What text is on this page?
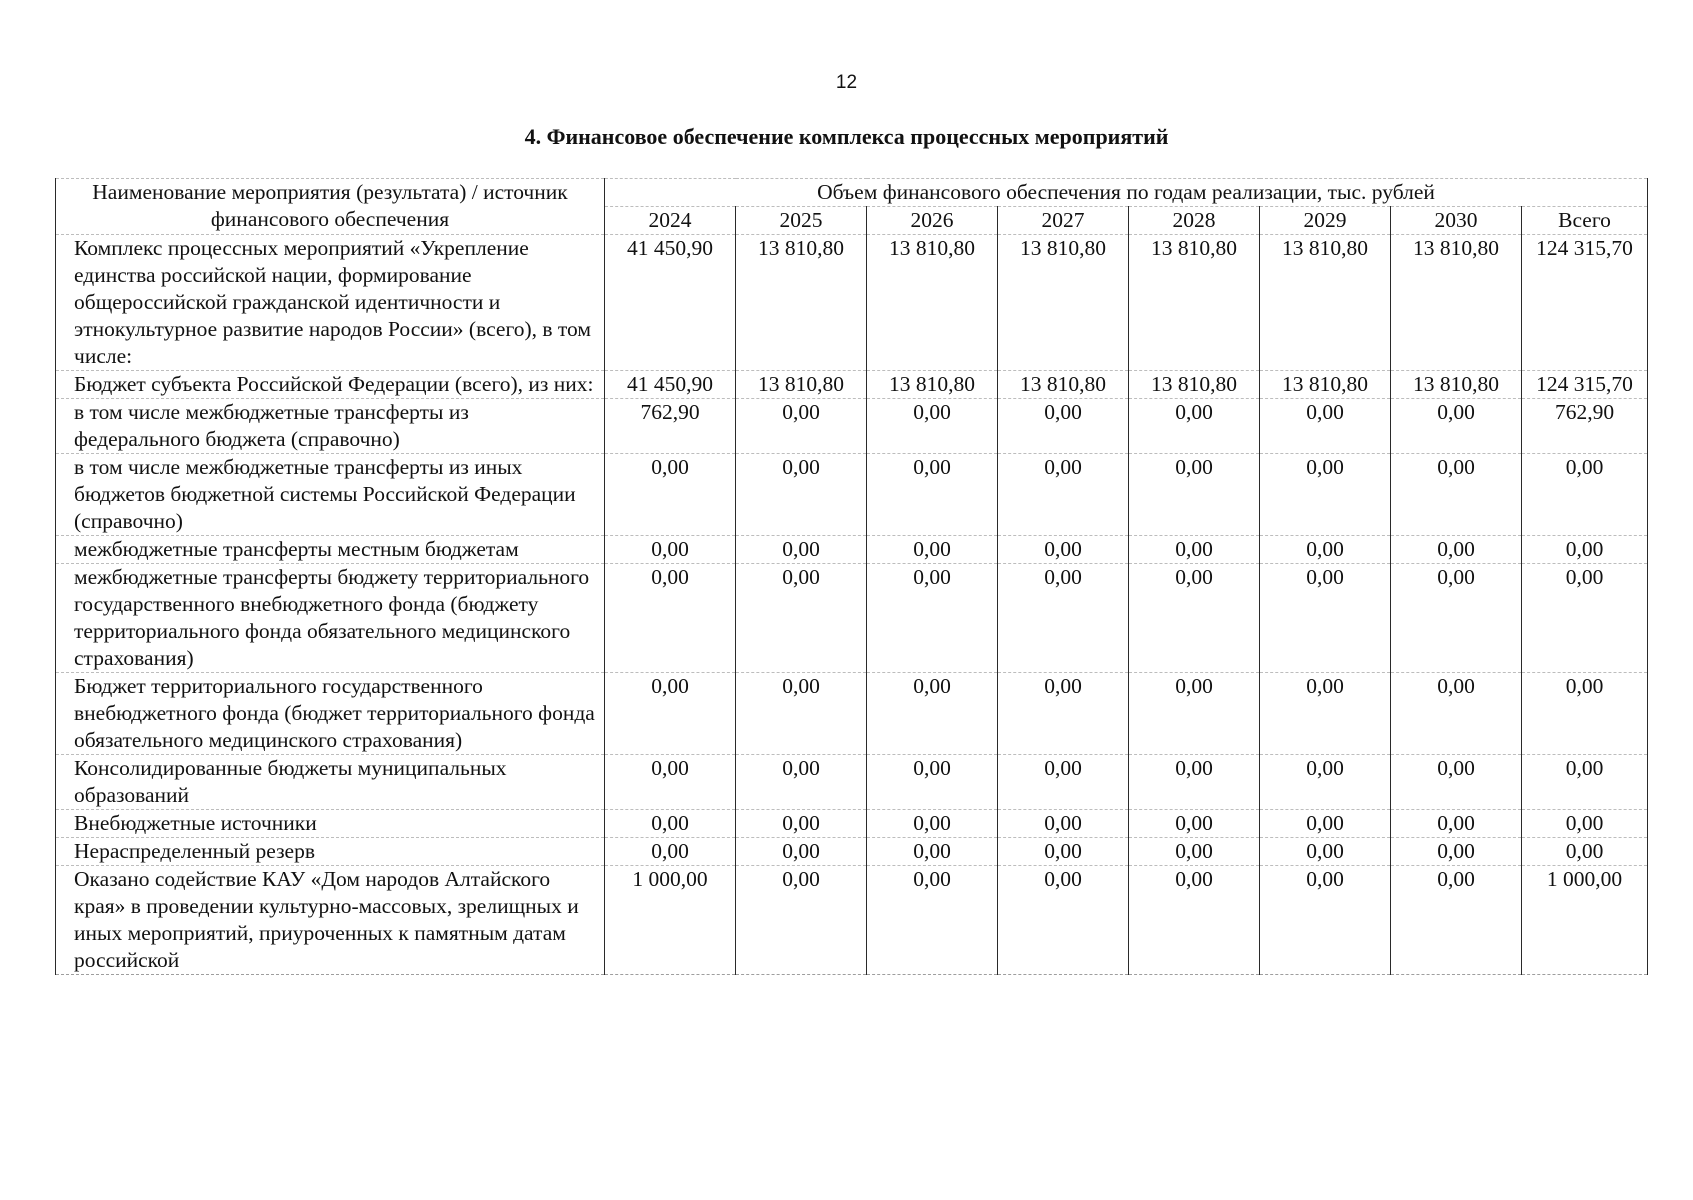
12
4. Финансовое обеспечение комплекса процессных мероприятий
Наименование мероприятия (результата) / источник финансового обеспечения	Объем финансового обеспечения по годам реализации, тыс. рублей							
	2024	2025	2026	2027	2028	2029	2030	Всего
Комплекс процессных мероприятий «Укрепление единства российской нации, формирование общероссийской гражданской идентичности и этнокультурное развитие народов России» (всего), в том числе:	41 450,90	13 810,80	13 810,80	13 810,80	13 810,80	13 810,80	13 810,80	124 315,70
Бюджет субъекта Российской Федерации (всего), из них:	41 450,90	13 810,80	13 810,80	13 810,80	13 810,80	13 810,80	13 810,80	124 315,70
в том числе межбюджетные трансферты из федерального бюджета (справочно)	762,90	0,00	0,00	0,00	0,00	0,00	0,00	762,90
в том числе межбюджетные трансферты из иных бюджетов бюджетной системы Российской Федерации (справочно)	0,00	0,00	0,00	0,00	0,00	0,00	0,00	0,00
межбюджетные трансферты местным бюджетам	0,00	0,00	0,00	0,00	0,00	0,00	0,00	0,00
межбюджетные трансферты бюджету территориального государственного внебюджетного фонда (бюджету территориального фонда обязательного медицинского страхования)	0,00	0,00	0,00	0,00	0,00	0,00	0,00	0,00
Бюджет территориального государственного внебюджетного фонда (бюджет территориального фонда обязательного медицинского страхования)	0,00	0,00	0,00	0,00	0,00	0,00	0,00	0,00
Консолидированные бюджеты муниципальных образований	0,00	0,00	0,00	0,00	0,00	0,00	0,00	0,00
Внебюджетные источники	0,00	0,00	0,00	0,00	0,00	0,00	0,00	0,00
Нераспределенный резерв	0,00	0,00	0,00	0,00	0,00	0,00	0,00	0,00
Оказано содействие КАУ «Дом народов Алтайского края» в проведении культурно-массовых, зрелищных и иных мероприятий, приуроченных к памятным датам российской	1 000,00	0,00	0,00	0,00	0,00	0,00	0,00	1 000,00
